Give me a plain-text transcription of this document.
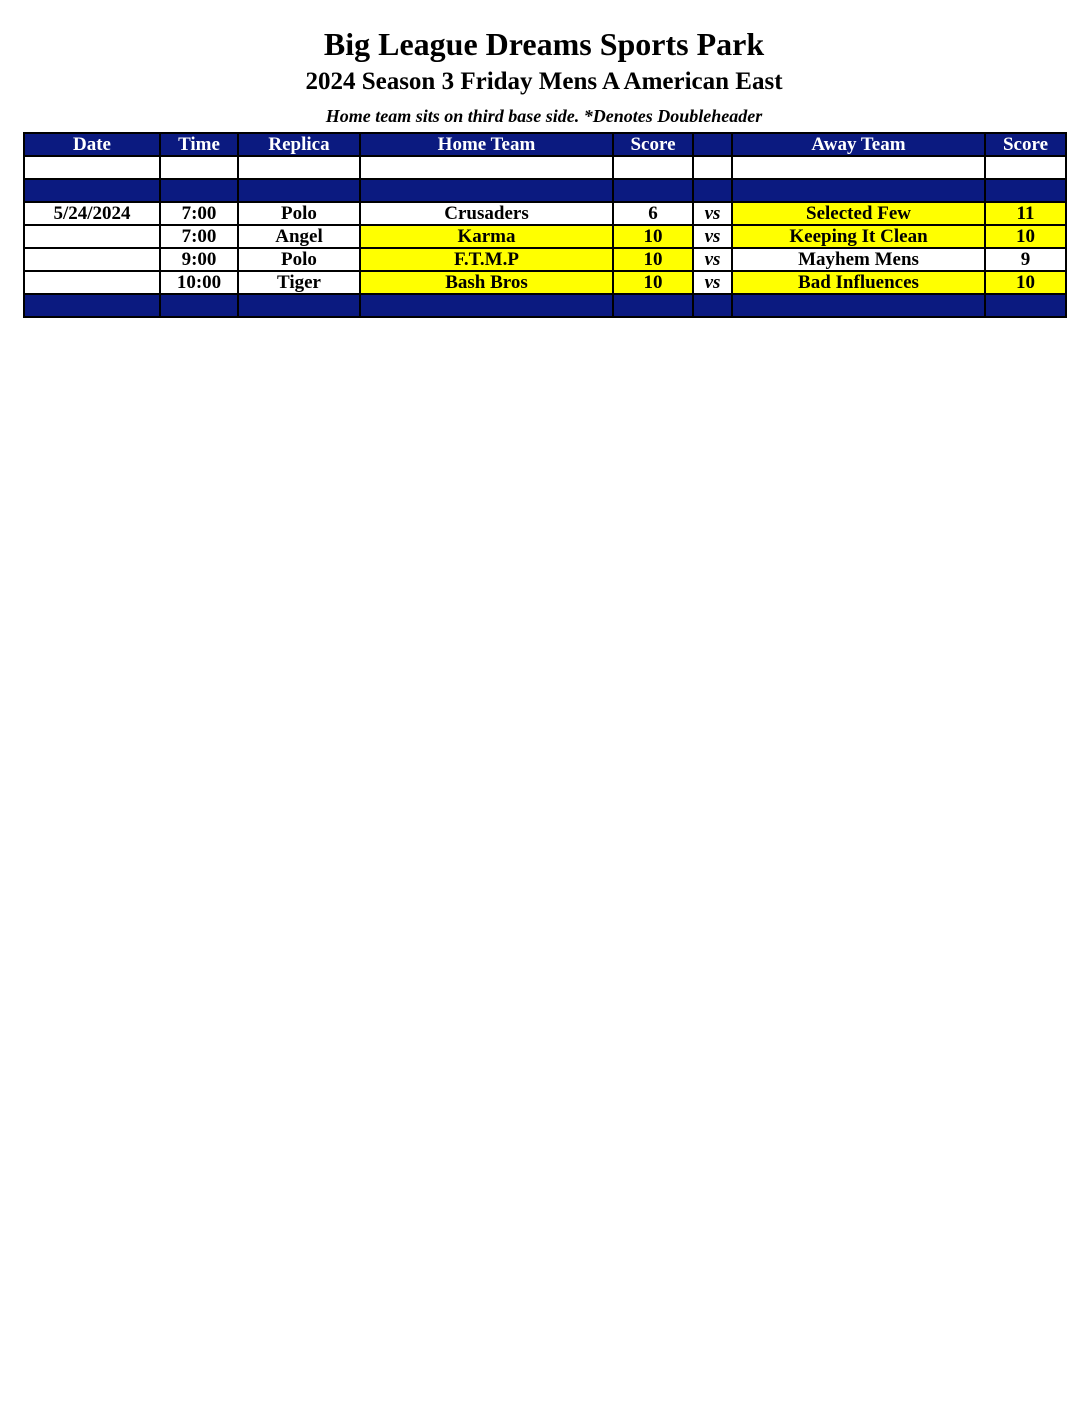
Big League Dreams Sports Park
2024 Season 3 Friday Mens A American East
Home team sits on third base side. *Denotes Doubleheader
Date	Time	Replica	Home Team	Score		Away Team	Score

5/24/2024	7:00	Polo	Crusaders	6	vs	Selected Few	11
	7:00	Angel	Karma	10	vs	Keeping It Clean	10
	9:00	Polo	F.T.M.P	10	vs	Mayhem Mens	9
	10:00	Tiger	Bash Bros	10	vs	Bad Influences	10
